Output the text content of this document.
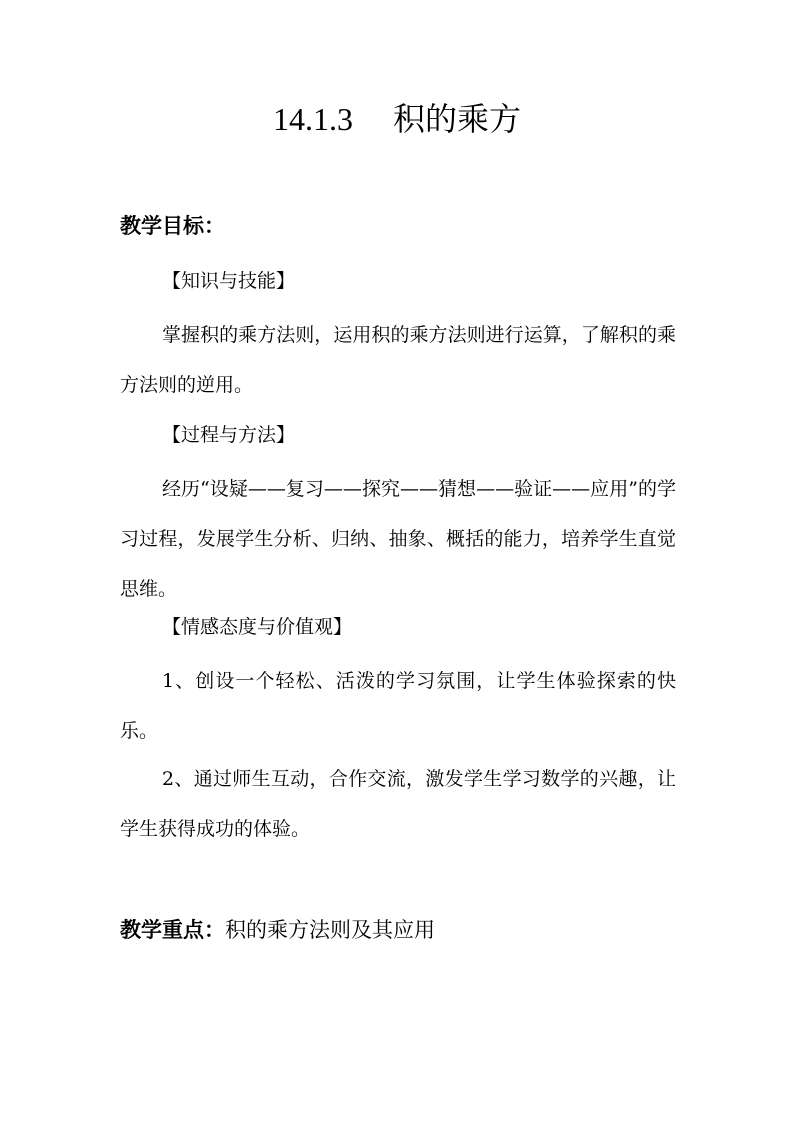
14.1.3 积的乘方
教学目标：
【知识与技能】
掌握积的乘方法则，运用积的乘方法则进行运算，了解积的乘方法则的逆用。
【过程与方法】
经历“设疑——复习——探究——猜想——验证——应用”的学习过程，发展学生分析、归纳、抽象、概括的能力，培养学生直觉思维。
【情感态度与价值观】
1、创设一个轻松、活泼的学习氛围，让学生体验探索的快乐。
2、通过师生互动，合作交流，激发学生学习数学的兴趣，让学生获得成功的体验。
教学重点：积的乘方法则及其应用
